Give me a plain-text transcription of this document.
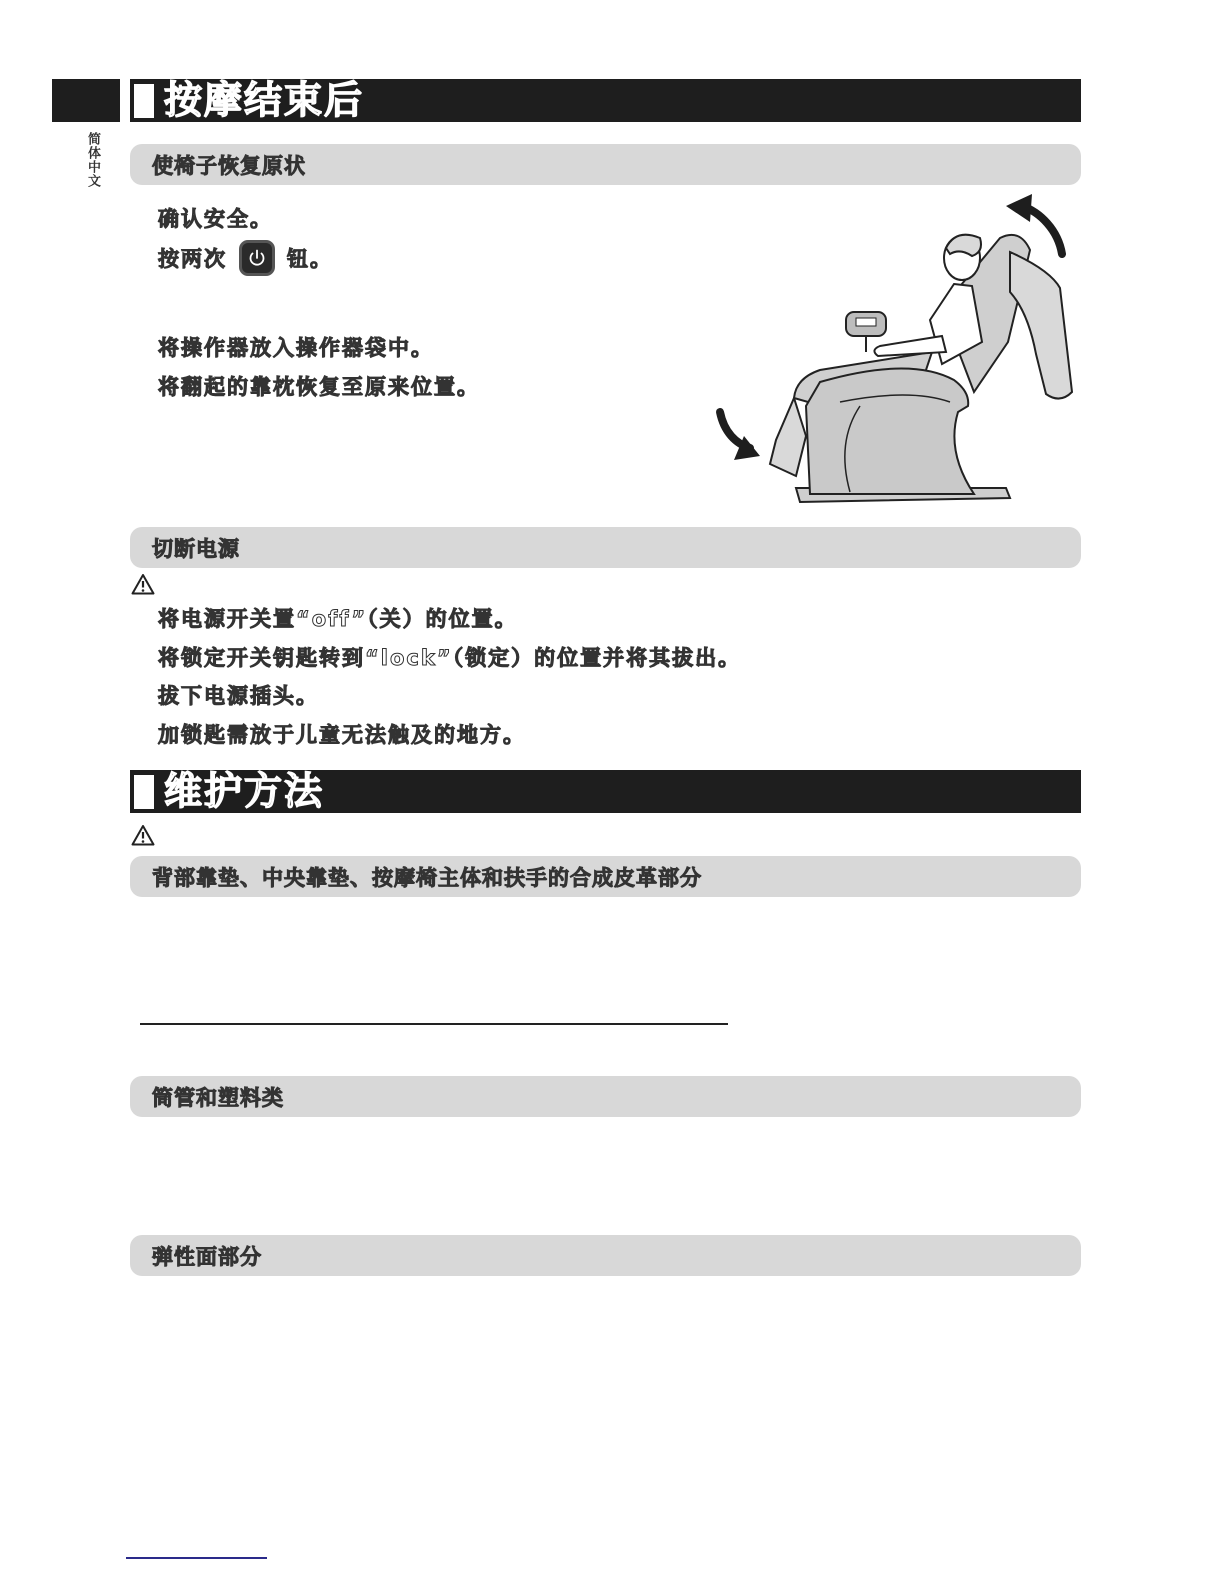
简体中文
按摩结束后
使椅子恢复原状
确认安全。
按两次	钮。
将操作器放入操作器袋中。
将翻起的靠枕恢复至原来位置。
切断电源
将电源开关置“off”（关）的位置。
将锁定开关钥匙转到“lock”（锁定）的位置并将其拔出。
拔下电源插头。
加锁匙需放于儿童无法触及的地方。
维护方法
背部靠垫、中央靠垫、按摩椅主体和扶手的合成皮革部分
筒管和塑料类
弹性面部分
